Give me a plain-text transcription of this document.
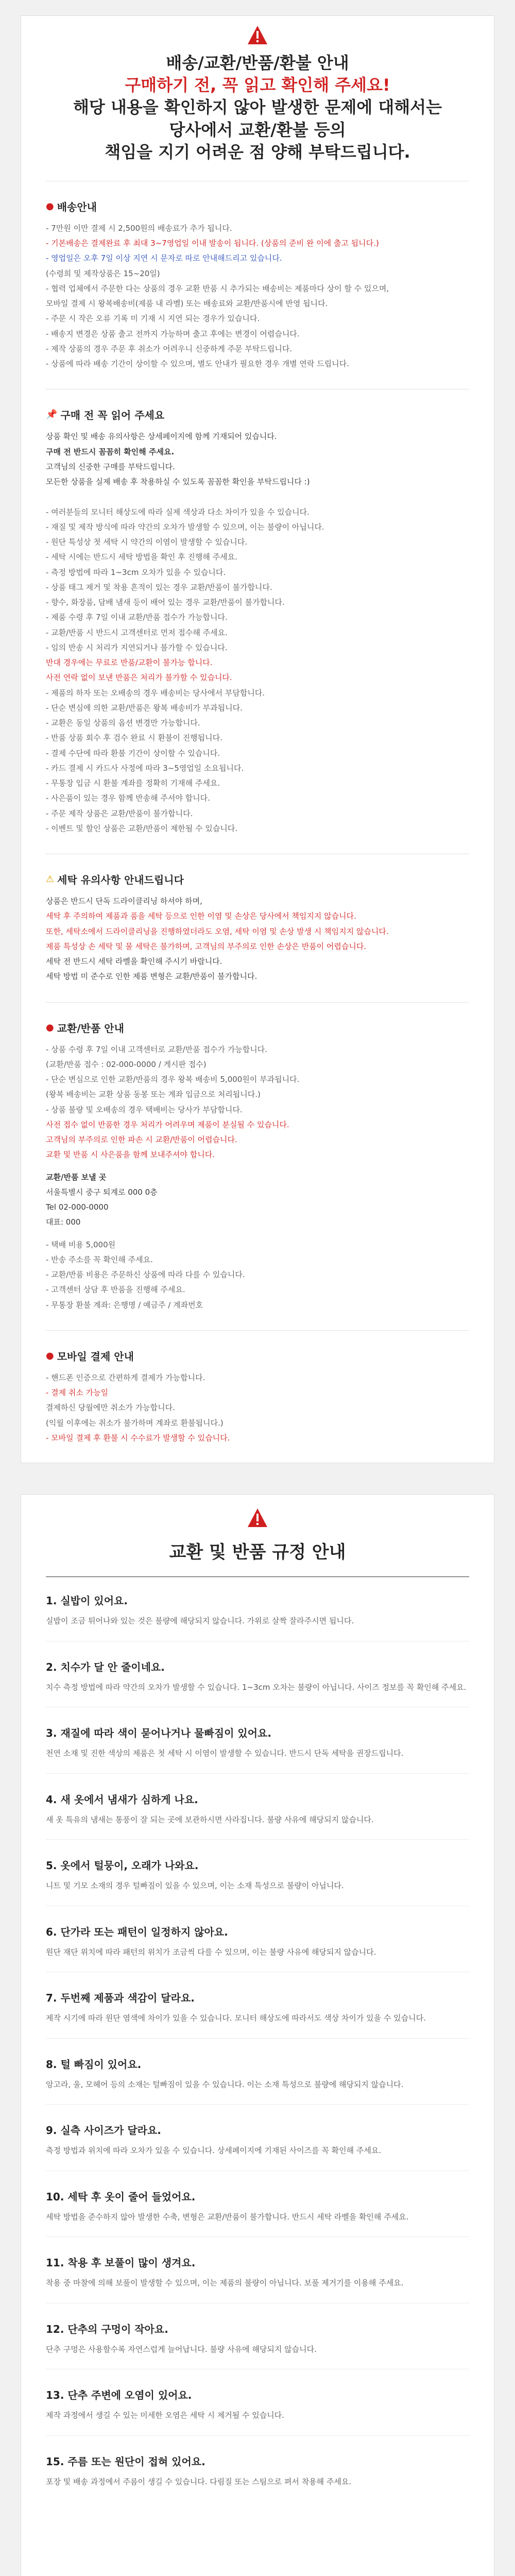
배송/교환/반품/환불 안내
구매하기 전, 꼭 읽고 확인해 주세요!
해당 내용을 확인하지 않아 발생한 문제에 대해서는
당사에서 교환/환불 등의
책임을 지기 어려운 점 양해 부탁드립니다.
● 배송안내

- 7만원 이만 결제 시 2,500원의 배송료가 추가 됩니다.

- 기본배송은 결제완료 후 최대 3~7영업일 이내 발송이 됩니다. (상품의 준비 완 이에 출고 됩니다.)

- 영업일은 오후 7일 이상 지연 시 문자로 따로 안내해드리고 있습니다.

(수령희 및 제작상품은 15~20일)

- 협력 업체에서 주문한 다는 상품의 경우 교환 반품 시 추가되는 배송비는 제품마다 상이 할 수 있으며,

모바일 결제 시 왕복배송비(제품 내 라벨) 또는 배송료와 교환/반품시에 반영 됩니다.

- 주문 시 작은 오류 기록 미 기재 시 지연 되는 경우가 있습니다.

- 배송지 변경은 상품 출고 전까지 가능하며 출고 후에는 변경이 어렵습니다.

- 제작 상품의 경우 주문 후 취소가 어려우니 신중하게 주문 부탁드립니다.

- 상품에 따라 배송 기간이 상이할 수 있으며, 별도 안내가 필요한 경우 개별 연락 드립니다.

📌 구매 전 꼭 읽어 주세요

상품 확인 및 배송 유의사항은 상세페이지에 함께 기재되어 있습니다.

구매 전 반드시 꼼꼼히 확인해 주세요.

고객님의 신중한 구매를 부탁드립니다.

모든한 상품을 실제 배송 후 착용하실 수 있도록 꼼꼼한 확인을 부탁드립니다 :)

- 여러분들의 모니터 해상도에 따라 실제 색상과 다소 차이가 있을 수 있습니다.

- 재질 및 제작 방식에 따라 약간의 오차가 발생할 수 있으며, 이는 불량이 아닙니다.

- 원단 특성상 첫 세탁 시 약간의 이염이 발생할 수 있습니다.

- 세탁 시에는 반드시 세탁 방법을 확인 후 진행해 주세요.

- 측정 방법에 따라 1~3cm 오차가 있을 수 있습니다.

- 상품 태그 제거 및 착용 흔적이 있는 경우 교환/반품이 불가합니다.

- 향수, 화장품, 담배 냄새 등이 배어 있는 경우 교환/반품이 불가합니다.

- 제품 수령 후 7일 이내 교환/반품 접수가 가능합니다.

- 교환/반품 시 반드시 고객센터로 먼저 접수해 주세요.

- 임의 반송 시 처리가 지연되거나 불가할 수 있습니다.

반대 경우에는 무료로 반품/교환이 불가능 합니다.

사전 연락 없이 보낸 반품은 처리가 불가할 수 있습니다.

- 제품의 하자 또는 오배송의 경우 배송비는 당사에서 부담합니다.

- 단순 변심에 의한 교환/반품은 왕복 배송비가 부과됩니다.

- 교환은 동일 상품의 옵션 변경만 가능합니다.

- 반품 상품 회수 후 검수 완료 시 환불이 진행됩니다.

- 결제 수단에 따라 환불 기간이 상이할 수 있습니다.

- 카드 결제 시 카드사 사정에 따라 3~5영업일 소요됩니다.

- 무통장 입금 시 환불 계좌를 정확히 기재해 주세요.

- 사은품이 있는 경우 함께 반송해 주셔야 합니다.

- 주문 제작 상품은 교환/반품이 불가합니다.

- 이벤트 및 할인 상품은 교환/반품이 제한될 수 있습니다.

⚠ 세탁 유의사항 안내드립니다

상품은 반드시 단독 드라이클리닝 하셔야 하며,

세탁 후 주의하여 제품과 품을 세탁 등으로 인한 이염 및 손상은 당사에서 책임지지 않습니다.

또한, 세탁소에서 드라이클리닝을 진행하였더라도 오염, 세탁 이염 및 손상 발생 시 책임지지 않습니다.

제품 특성상 손 세탁 및 물 세탁은 불가하며, 고객님의 부주의로 인한 손상은 반품이 어렵습니다.

세탁 전 반드시 세탁 라벨을 확인해 주시기 바랍니다.

세탁 방법 미 준수로 인한 제품 변형은 교환/반품이 불가합니다.

● 교환/반품 안내

- 상품 수령 후 7일 이내 고객센터로 교환/반품 접수가 가능합니다.

(교환/반품 접수 : 02-000-0000 / 게시판 접수)

- 단순 변심으로 인한 교환/반품의 경우 왕복 배송비 5,000원이 부과됩니다.

(왕복 배송비는 교환 상품 동봉 또는 계좌 입금으로 처리됩니다.)

- 상품 불량 및 오배송의 경우 택배비는 당사가 부담합니다.

사전 접수 없이 반품한 경우 처리가 어려우며 제품이 분실될 수 있습니다.

고객님의 부주의로 인한 파손 시 교환/반품이 어렵습니다.

교환 및 반품 시 사은품을 함께 보내주셔야 합니다.

교환/반품 보낼 곳

서울특별시 중구 퇴계로 000 0층

Tel 02-000-0000

대표: 000

- 택배 비용 5,000원

- 반송 주소를 꼭 확인해 주세요.

- 교환/반품 비용은 주문하신 상품에 따라 다를 수 있습니다.

- 고객센터 상담 후 반품을 진행해 주세요.

- 무통장 환불 계좌: 은행명 / 예금주 / 계좌번호

● 모바일 결제 안내

- 핸드폰 인증으로 간편하게 결제가 가능합니다.

- 결제 취소 가능일

결제하신 당월에만 취소가 가능합니다.

(익월 이후에는 취소가 불가하며 계좌로 환불됩니다.)

- 모바일 결제 후 환불 시 수수료가 발생할 수 있습니다.

교환 및 반품 규정 안내
1. 실밥이 있어요.

실밥이 조금 튀어나와 있는 것은 불량에 해당되지 않습니다. 가위로 살짝 잘라주시면 됩니다.

2. 치수가 달 안 줄이네요.

치수 측정 방법에 따라 약간의 오차가 발생할 수 있습니다. 1~3cm 오차는 불량이 아닙니다. 사이즈 정보를 꼭 확인해 주세요.

3. 재질에 따라 색이 묻어나거나 물빠짐이 있어요.

천연 소재 및 진한 색상의 제품은 첫 세탁 시 이염이 발생할 수 있습니다. 반드시 단독 세탁을 권장드립니다.

4. 새 옷에서 냄새가 심하게 나요.

새 옷 특유의 냄새는 통풍이 잘 되는 곳에 보관하시면 사라집니다. 불량 사유에 해당되지 않습니다.

5. 옷에서 털뭉이, 오래가 나와요.

니트 및 기모 소재의 경우 털빠짐이 있을 수 있으며, 이는 소재 특성으로 불량이 아닙니다.

6. 단가라 또는 패턴이 일정하지 않아요.

원단 재단 위치에 따라 패턴의 위치가 조금씩 다를 수 있으며, 이는 불량 사유에 해당되지 않습니다.

7. 두번째 제품과 색감이 달라요.

제작 시기에 따라 원단 염색에 차이가 있을 수 있습니다. 모니터 해상도에 따라서도 색상 차이가 있을 수 있습니다.

8. 털 빠짐이 있어요.

앙고라, 울, 모헤어 등의 소재는 털빠짐이 있을 수 있습니다. 이는 소재 특성으로 불량에 해당되지 않습니다.

9. 실측 사이즈가 달라요.

측정 방법과 위치에 따라 오차가 있을 수 있습니다. 상세페이지에 기재된 사이즈를 꼭 확인해 주세요.

10. 세탁 후 옷이 줄어 들었어요.

세탁 방법을 준수하지 않아 발생한 수축, 변형은 교환/반품이 불가합니다. 반드시 세탁 라벨을 확인해 주세요.

11. 착용 후 보풀이 많이 생겨요.

착용 중 마찰에 의해 보풀이 발생할 수 있으며, 이는 제품의 불량이 아닙니다. 보풀 제거기를 이용해 주세요.

12. 단추의 구멍이 작아요.

단추 구멍은 사용할수록 자연스럽게 늘어납니다. 불량 사유에 해당되지 않습니다.

13. 단추 주변에 오염이 있어요.

제작 과정에서 생길 수 있는 미세한 오염은 세탁 시 제거될 수 있습니다.

15. 주름 또는 원단이 접혀 있어요.

포장 및 배송 과정에서 주름이 생길 수 있습니다. 다림질 또는 스팀으로 펴서 착용해 주세요.
